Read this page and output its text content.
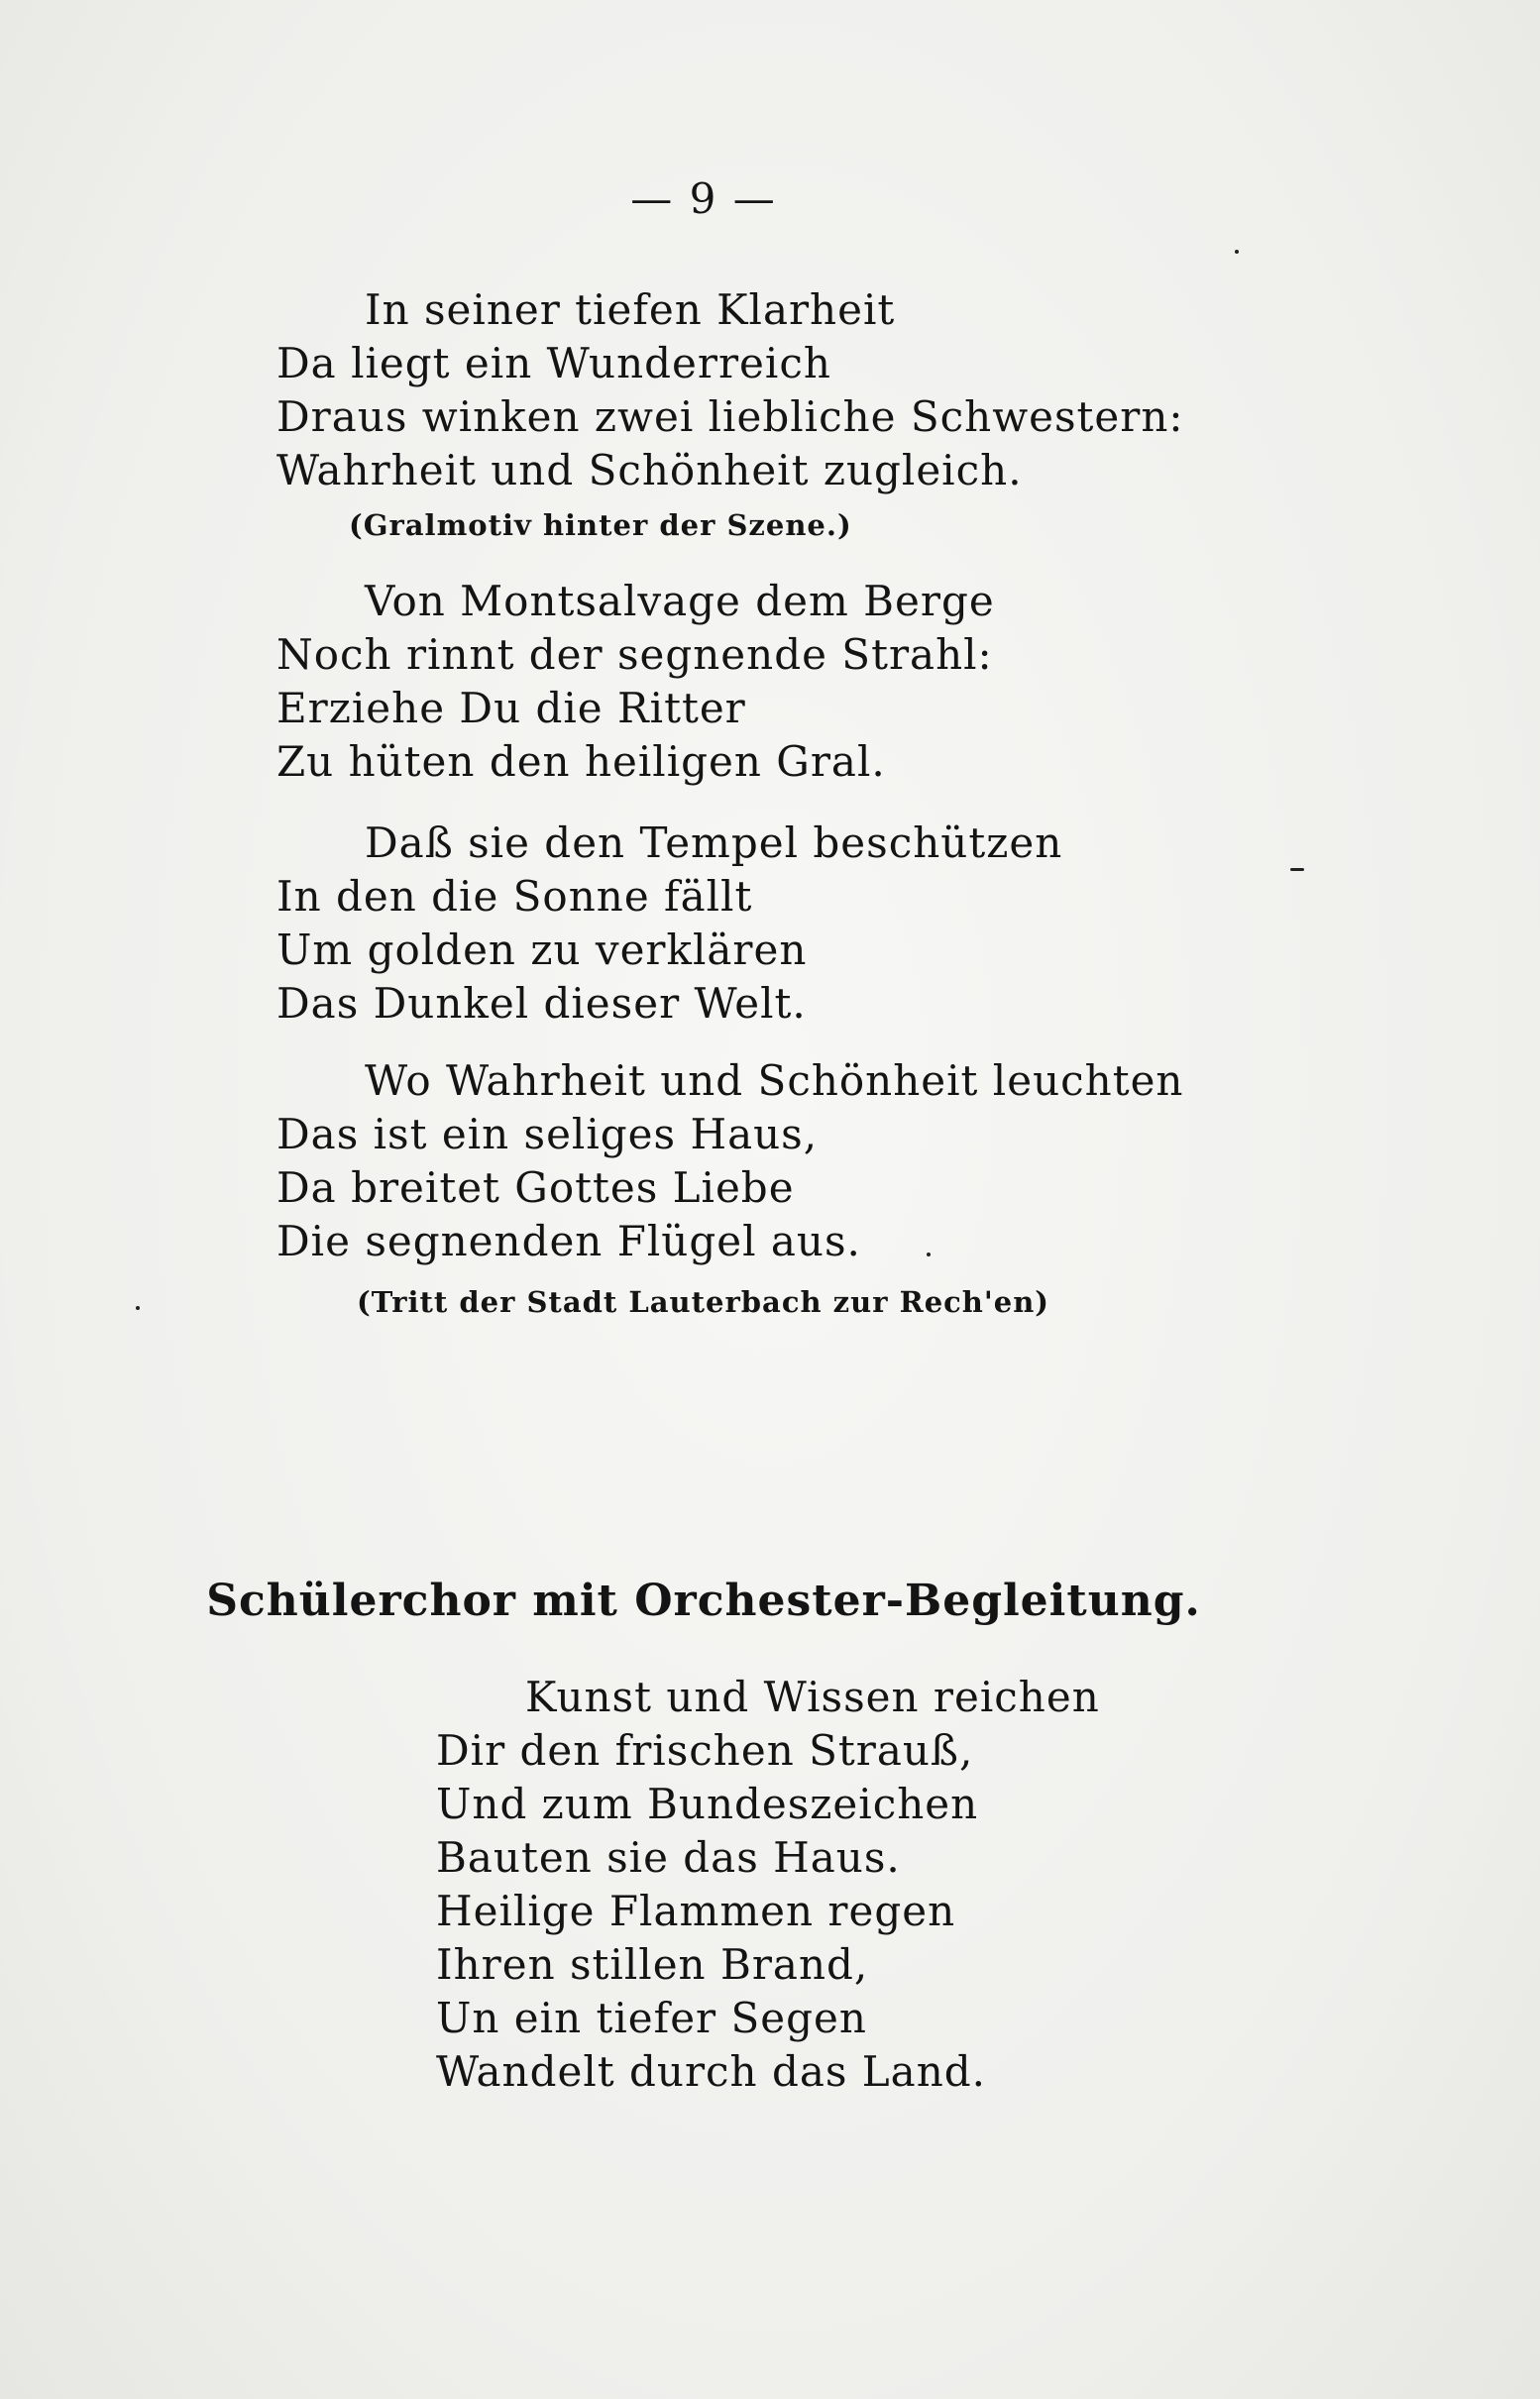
— 9 —
In seiner tiefen Klarheit
Da liegt ein Wunderreich
Draus winken zwei liebliche Schwestern:
Wahrheit und Schönheit zugleich.
(Gralmotiv hinter der Szene.)
Von Montsalvage dem Berge
Noch rinnt der segnende Strahl:
Erziehe Du die Ritter
Zu hüten den heiligen Gral.
Daß sie den Tempel beschützen
In den die Sonne fällt
Um golden zu verklären
Das Dunkel dieser Welt.
Wo Wahrheit und Schönheit leuchten
Das ist ein seliges Haus,
Da breitet Gottes Liebe
Die segnenden Flügel aus.
(Tritt der Stadt Lauterbach zur Rech'en)
Schülerchor mit Orchester-Begleitung.
Kunst und Wissen reichen
Dir den frischen Strauß,
Und zum Bundeszeichen
Bauten sie das Haus.
Heilige Flammen regen
Ihren stillen Brand,
Un ein tiefer Segen
Wandelt durch das Land.
